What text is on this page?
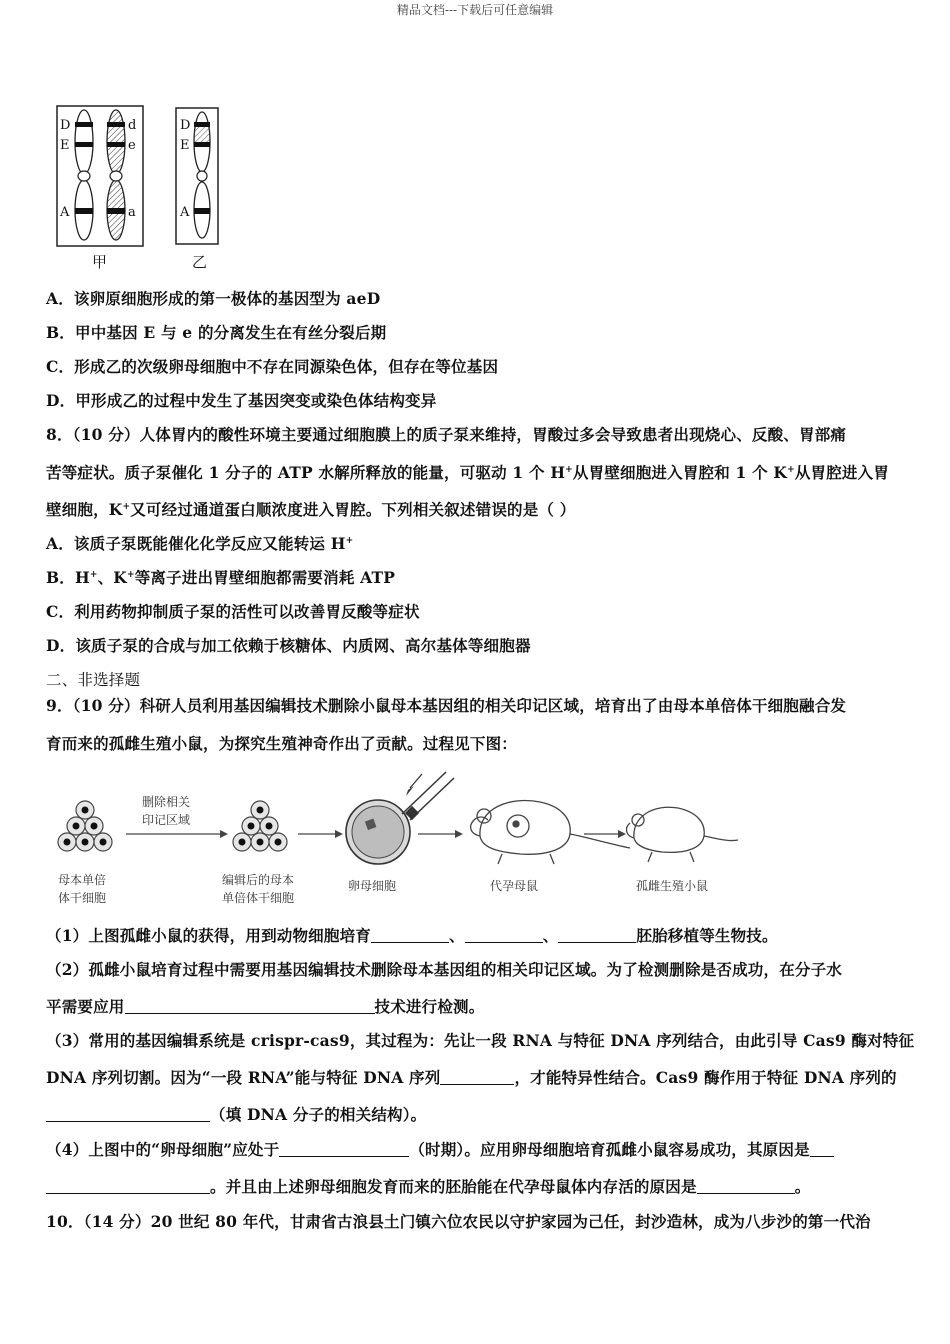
精品文档---下载后可任意编辑
D
E
A
d
e
a
D
E
A
甲	乙
A．该卵原细胞形成的第一极体的基因型为 aeD
B．甲中基因 E 与 e 的分离发生在有丝分裂后期
C．形成乙的次级卵母细胞中不存在同源染色体，但存在等位基因
D．甲形成乙的过程中发生了基因突变或染色体结构变异
8．（10 分）人体胃内的酸性环境主要通过细胞膜上的质子泵来维持，胃酸过多会导致患者出现烧心、反酸、胃部痛
苦等症状。质子泵催化 1 分子的 ATP 水解所释放的能量，可驱动 1 个 H+从胃壁细胞进入胃腔和 1 个 K+从胃腔进入胃
壁细胞，K+又可经过通道蛋白顺浓度进入胃腔。下列相关叙述错误的是（ ）
A．该质子泵既能催化化学反应又能转运 H+
B．H+、K+等离子进出胃壁细胞都需要消耗 ATP
C．利用药物抑制质子泵的活性可以改善胃反酸等症状
D．该质子泵的合成与加工依赖于核糖体、内质网、高尔基体等细胞器
二、非选择题
9．（10 分）科研人员利用基因编辑技术删除小鼠母本基因组的相关印记区域，培育出了由母本单倍体干细胞融合发
育而来的孤雌生殖小鼠，为探究生殖神奇作出了贡献。过程见下图：
删除相关
印记区域
母本单倍
体干细胞
编辑后的母本
单倍体干细胞
卵母细胞	代孕母鼠	孤雌生殖小鼠
（1）上图孤雌小鼠的获得，用到动物细胞培育	、	、	胚胎移植等生物技。
（2）孤雌小鼠培育过程中需要用基因编辑技术删除母本基因组的相关印记区域。为了检测删除是否成功，在分子水
平需要应用	技术进行检测。
（3）常用的基因编辑系统是 crispr-cas9，其过程为：先让一段 RNA 与特征 DNA 序列结合，由此引导 Cas9 酶对特征
DNA 序列切割。因为“一段 RNA”能与特征 DNA 序列	，才能特异性结合。Cas9 酶作用于特征 DNA 序列的
（填 DNA 分子的相关结构）。
（4）上图中的“卵母细胞”应处于	（时期）。应用卵母细胞培育孤雌小鼠容易成功，其原因是
。并且由上述卵母细胞发育而来的胚胎能在代孕母鼠体内存活的原因是	。
10．（14 分）20 世纪 80 年代，甘肃省古浪县土门镇六位农民以守护家园为己任，封沙造林，成为八步沙的第一代治
